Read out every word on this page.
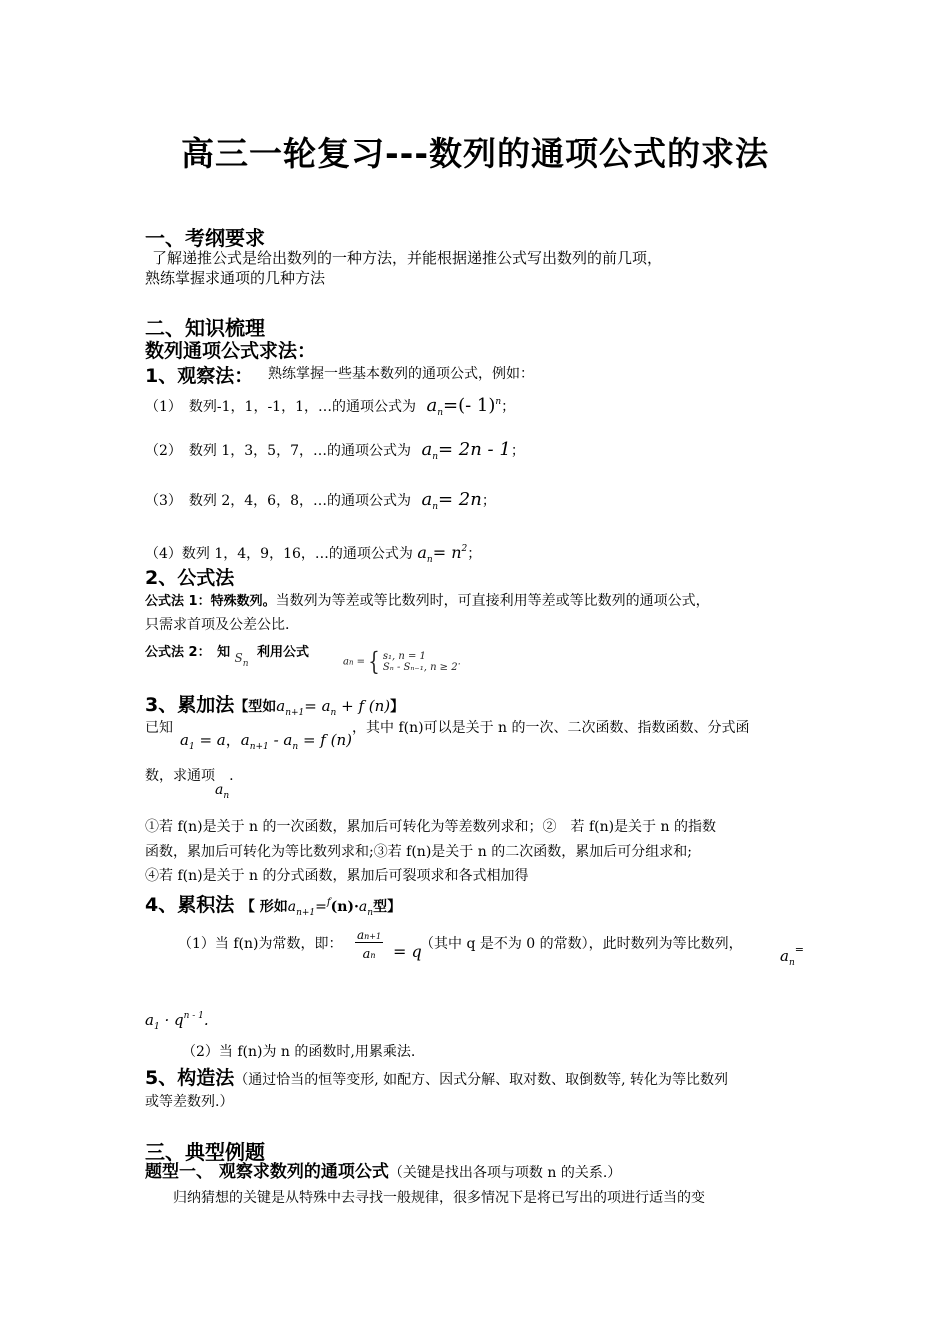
高三一轮复习---数列的通项公式的求法
一、考纲要求
了解递推公式是给出数列的一种方法，并能根据递推公式写出数列的前几项，
熟练掌握求通项的几种方法
二、知识梳理
数列通项公式求法：
1、观察法： 熟练掌握一些基本数列的通项公式，例如：
（1）　数列-1，1，-1，1，…的通项公式为 $a_n=(-$ 1)$^n$；
（2）　数列 1，3，5，7，…的通项公式为 $a_n= 2n - 1$；
（3）　数列 2，4，6，8，…的通项公式为 $a_n= 2n$；
（4）数列 1，4，9，16，…的通项公式为 $a_n= n^2$；
2、公式法
公式法 1：特殊数列。当数列为等差或等比数列时，可直接利用等差或等比数列的通项公式，
只需求首项及公差公比.
公式法 2：　知 $S_n$ 利用公式
an = { s₁, n = 1
Sₙ - Sₙ₋₁, n ≥ 2 .
3、累加法【型如$a_{n+1}= a_n + f$ (n)】
已知
$a_1 = a$，$a_{n+1} - a_n = f$ (n)
，其中 f(n)可以是关于 n 的一次、二次函数、指数函数、分式函
数，求通项$a_n$.
①若 f(n)是关于 n 的一次函数，累加后可转化为等差数列求和；②　若 f(n)是关于 n 的指数
函数，累加后可转化为等比数列求和;③若 f(n)是关于 n 的二次函数，累加后可分组求和;
④若 f(n)是关于 n 的分式函数，累加后可裂项求和各式相加得
4、累积法 【 形如$a_{n+1}=^f(n)\cdot a_n$型】
（1）当 f(n)为常数，即： $\frac{an+1}{an} = q$
（其中 q 是不为 0 的常数），此时数列为等比数列，
$a_n^=$
$a_1 \cdot q^{n - 1}$.
（2）当 f(n)为 n 的函数时,用累乘法.
5、构造法（通过恰当的恒等变形, 如配方、因式分解、取对数、取倒数等, 转化为等比数列
或等差数列.）
三、典型例题
题型一、 观察求数列的通项公式（关键是找出各项与项数 n 的关系.）
归纳猜想的关键是从特殊中去寻找一般规律，很多情况下是将已写出的项进行适当的变
